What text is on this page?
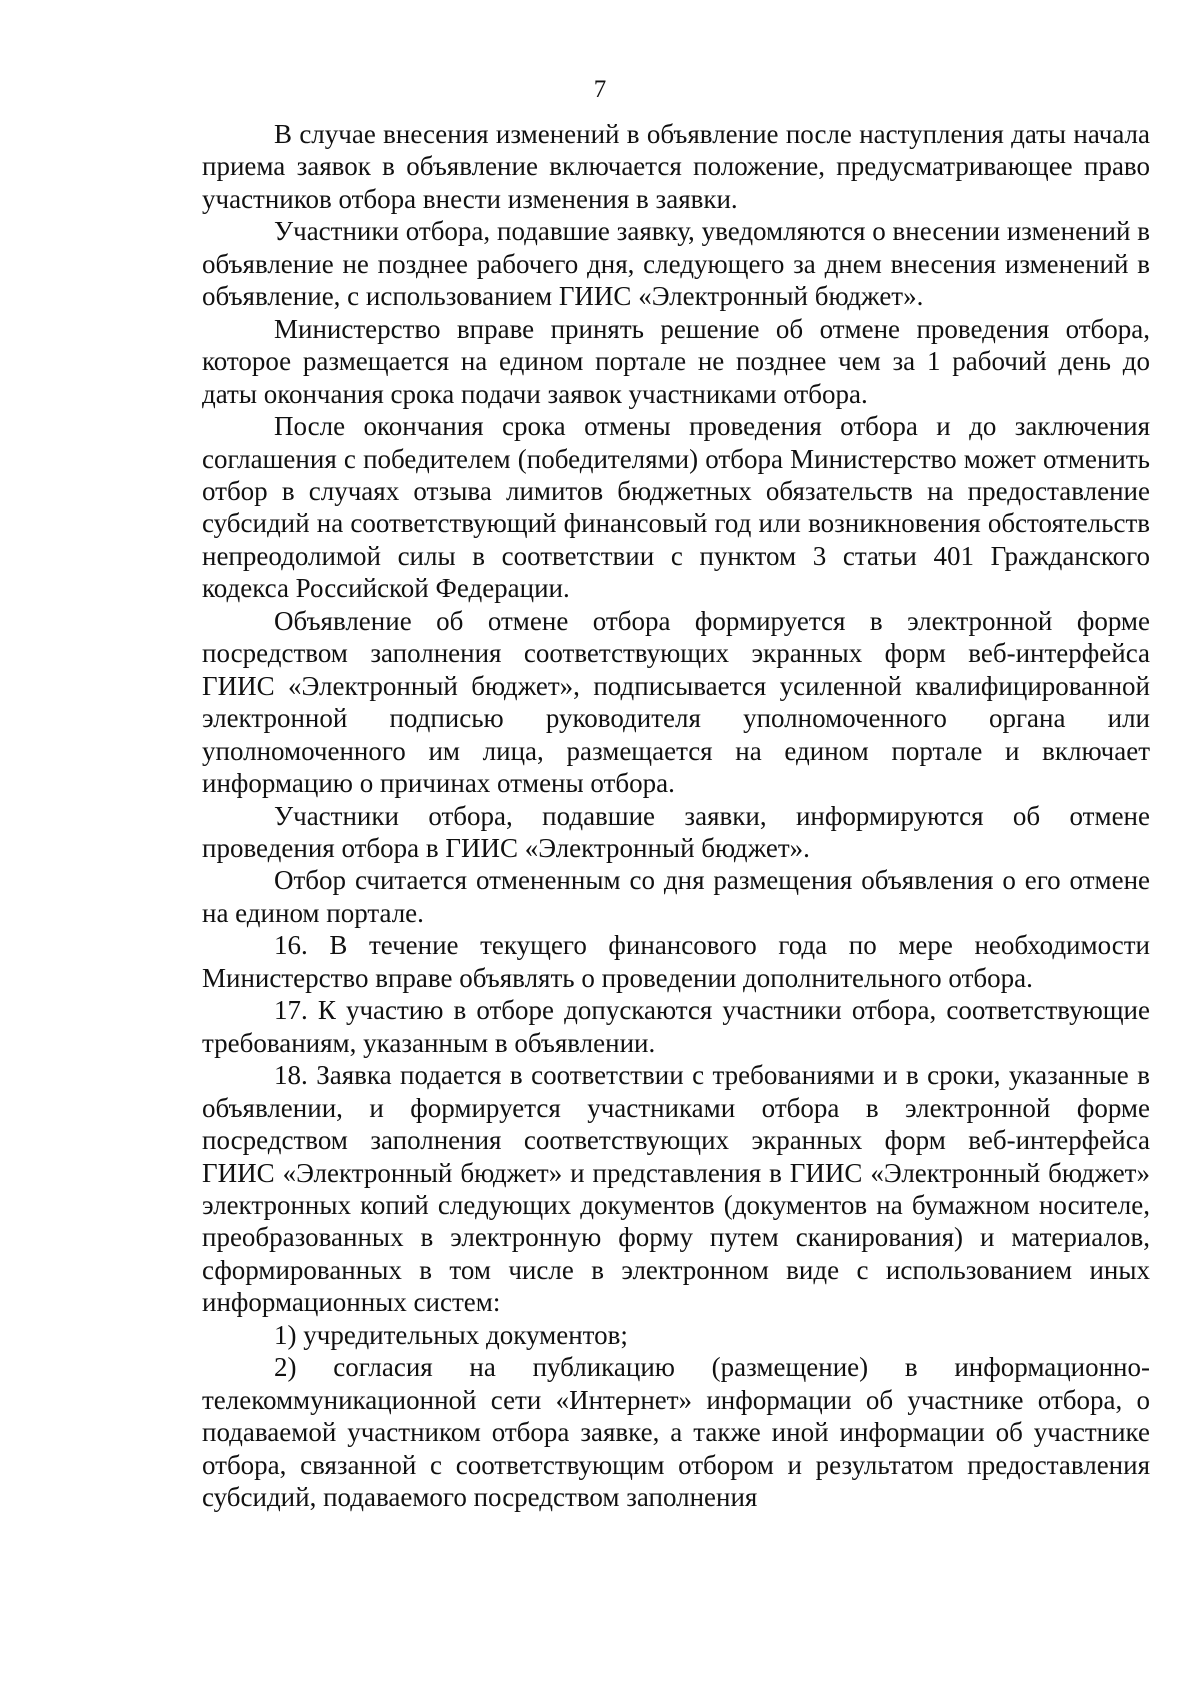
7

В случае внесения изменений в объявление после наступления даты начала приема заявок в объявление включается положение, предусматривающее право участников отбора внести изменения в заявки.

Участники отбора, подавшие заявку, уведомляются о внесении изменений в объявление не позднее рабочего дня, следующего за днем внесения изменений в объявление, с использованием ГИИС «Электронный бюджет».

Министерство вправе принять решение об отмене проведения отбора, которое размещается на едином портале не позднее чем за 1 рабочий день до даты окончания срока подачи заявок участниками отбора.

После окончания срока отмены проведения отбора и до заключения соглашения с победителем (победителями) отбора Министерство может отменить отбор в случаях отзыва лимитов бюджетных обязательств на предоставление субсидий на соответствующий финансовый год или возникновения обстоятельств непреодолимой силы в соответствии с пунктом 3 статьи 401 Гражданского кодекса Российской Федерации.

Объявление об отмене отбора формируется в электронной форме посредством заполнения соответствующих экранных форм веб-интерфейса ГИИС «Электронный бюджет», подписывается усиленной квалифицированной электронной подписью руководителя уполномоченного органа или уполномоченного им лица, размещается на едином портале и включает информацию о причинах отмены отбора.

Участники отбора, подавшие заявки, информируются об отмене проведения отбора в ГИИС «Электронный бюджет».

Отбор считается отмененным со дня размещения объявления о его отмене на едином портале.

16. В течение текущего финансового года по мере необходимости Министерство вправе объявлять о проведении дополнительного отбора.

17. К участию в отборе допускаются участники отбора, соответствующие требованиям, указанным в объявлении.

18. Заявка подается в соответствии с требованиями и в сроки, указанные в объявлении, и формируется участниками отбора в электронной форме посредством заполнения соответствующих экранных форм веб-интерфейса ГИИС «Электронный бюджет» и представления в ГИИС «Электронный бюджет» электронных копий следующих документов (документов на бумажном носителе, преобразованных в электронную форму путем сканирования) и материалов, сформированных в том числе в электронном виде с использованием иных информационных систем:

1) учредительных документов;

2) согласия на публикацию (размещение) в информационно-телекоммуникационной сети «Интернет» информации об участнике отбора, о подаваемой участником отбора заявке, а также иной информации об участнике отбора, связанной с соответствующим отбором и результатом предоставления субсидий, подаваемого посредством заполнения
